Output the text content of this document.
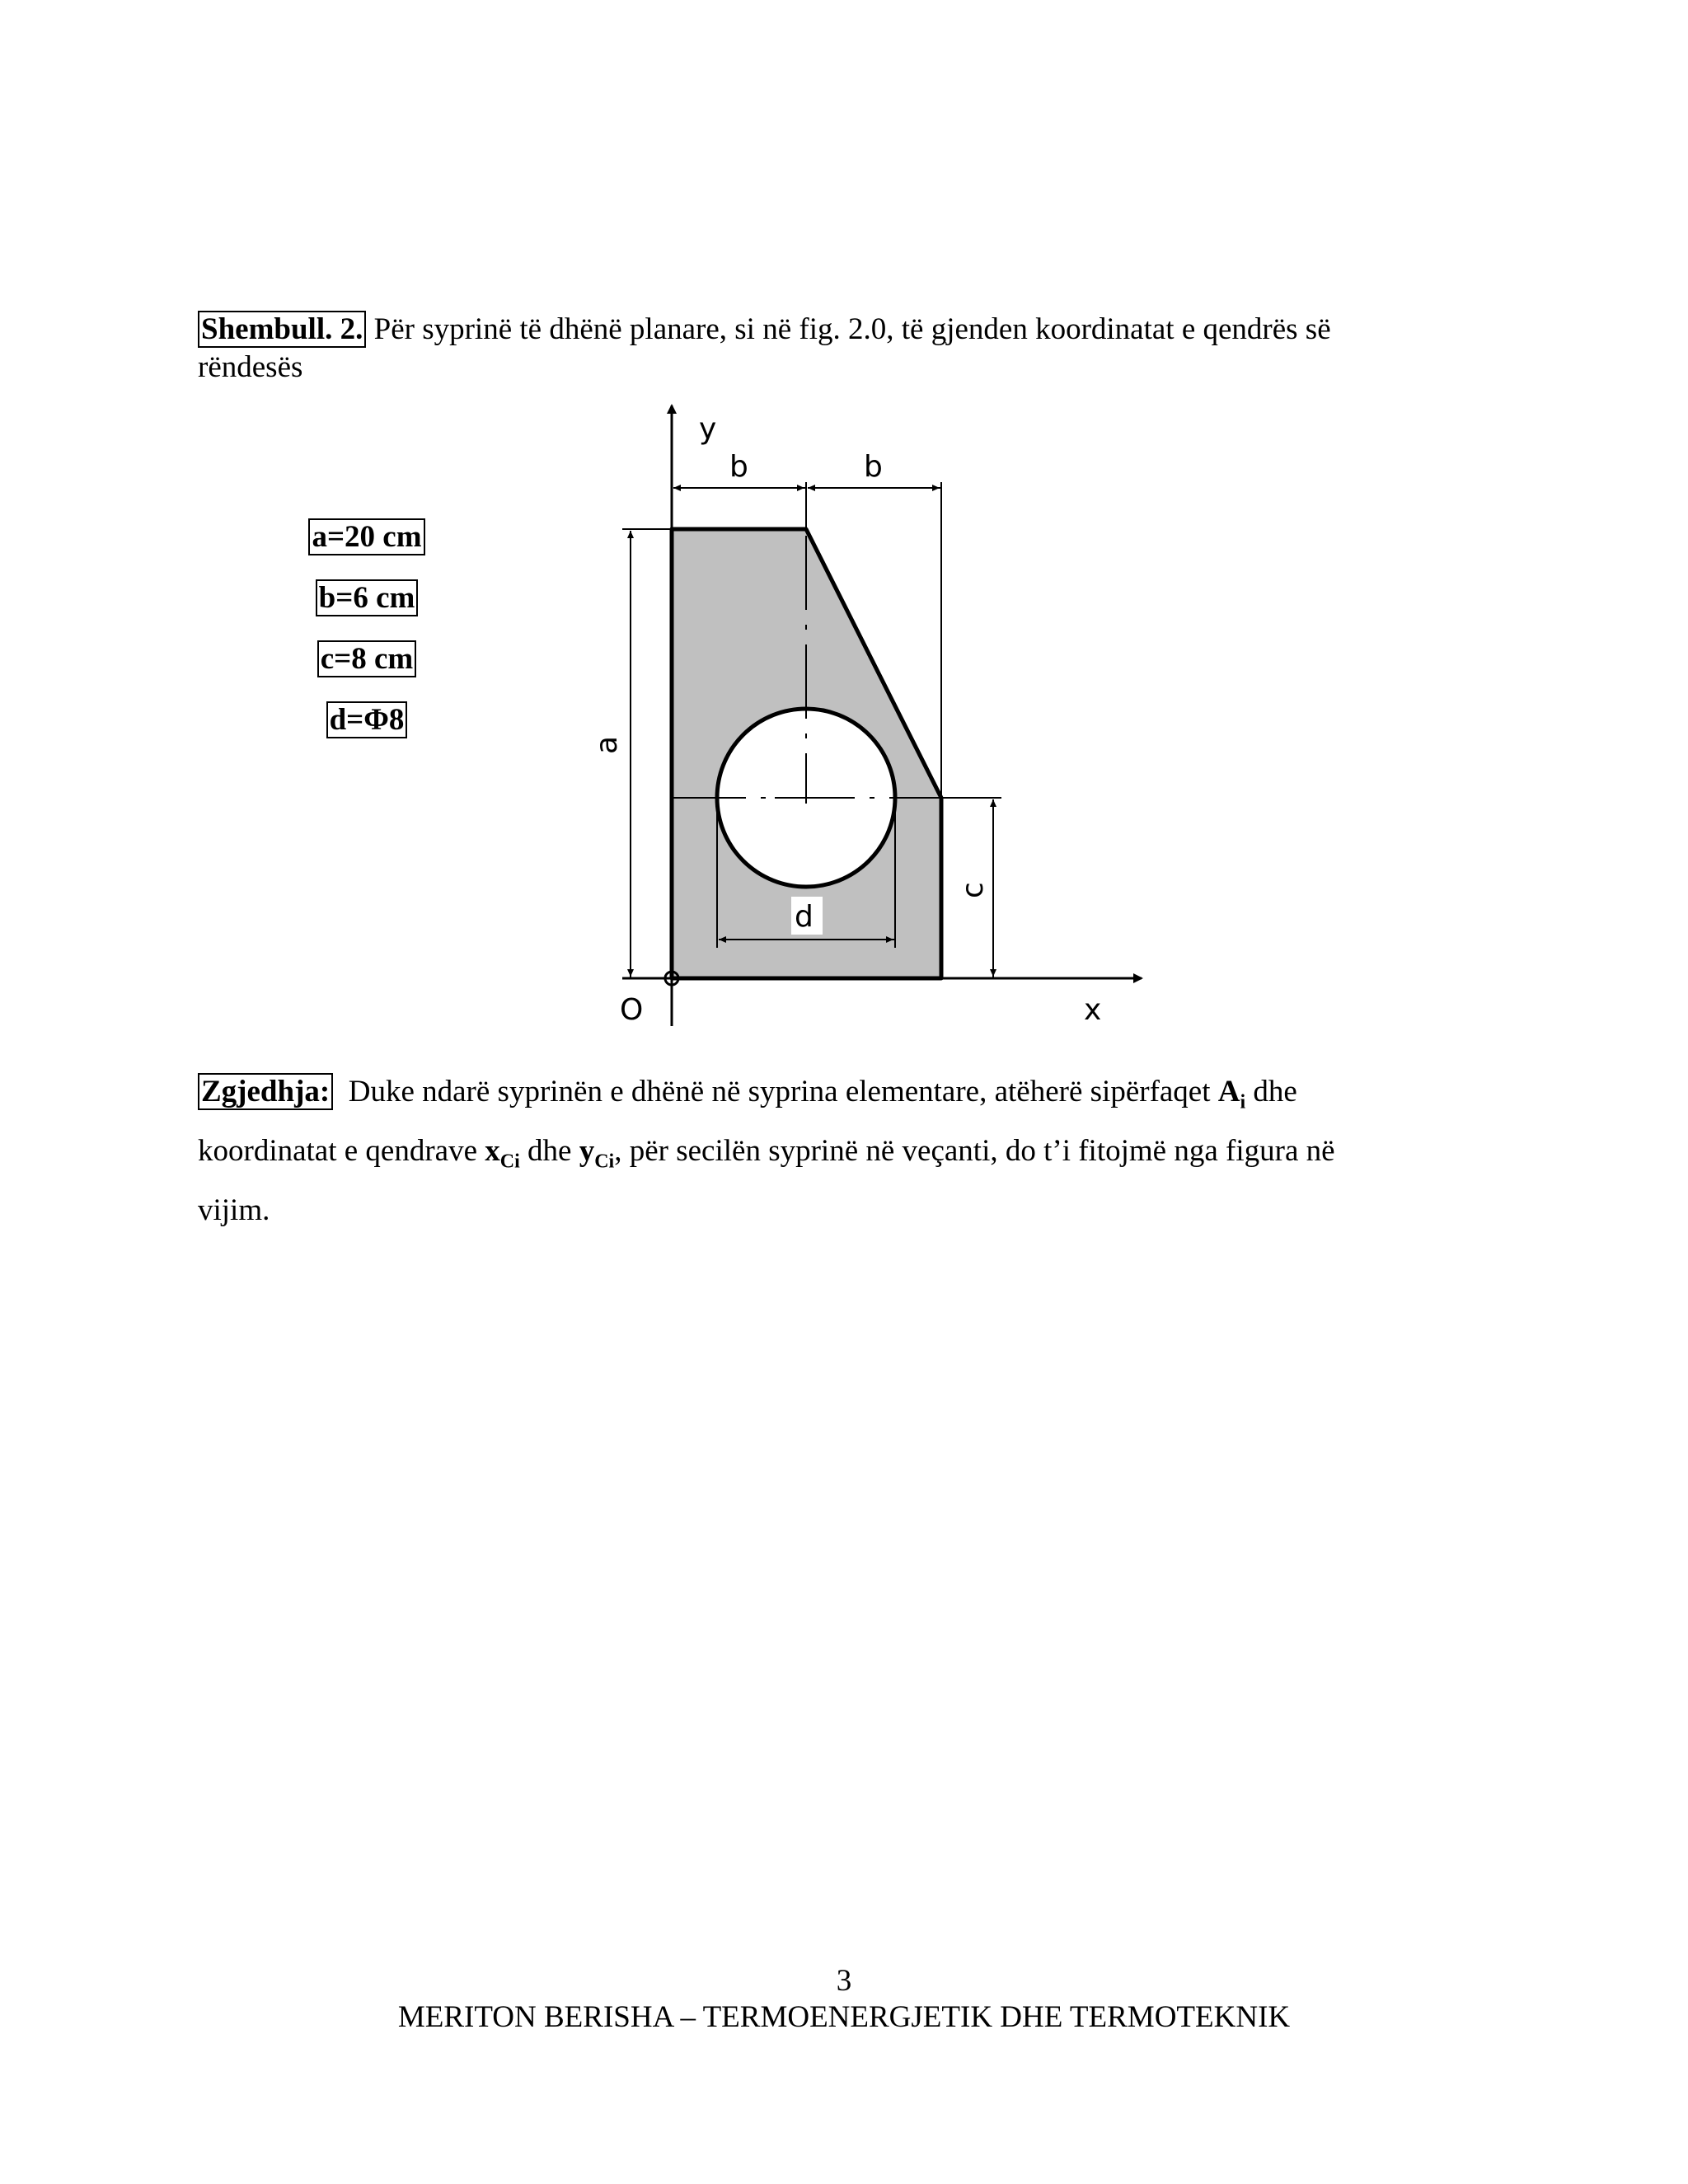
Shembull. 2. Për syprinë të dhënë planare, si në fig. 2.0, të gjenden koordinatat e qendrës së
rëndesës
a=20 cm
b=6 cm
c=8 cm
d=Φ8
y
x
O
b	b
d
a
c
Zgjedhja: Duke ndarë syprinën e dhënë në syprina elementare, atëherë sipërfaqet $A_i$ dhe
koordinatat e qendrave $x_{Ci}$ dhe $y_{Ci}$, për secilën syprinë në veçanti, do t’i fitojmë nga figura në
vijim.
3
MERITON BERISHA – TERMOENERGJETIK DHE TERMOTEKNIK
